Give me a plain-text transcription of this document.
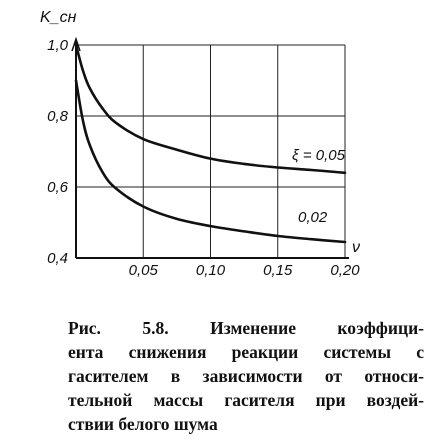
0,4
0,6
0,8
1,0
0,05	0,10	0,15	0,20
K_сн
ν
ξ = 0,05
0,02
Рис. 5.8. Изменение коэффици-
ента снижения реакции системы с
гасителем в зависимости от относи-
тельной массы гасителя при воздей-
ствии белого шума
